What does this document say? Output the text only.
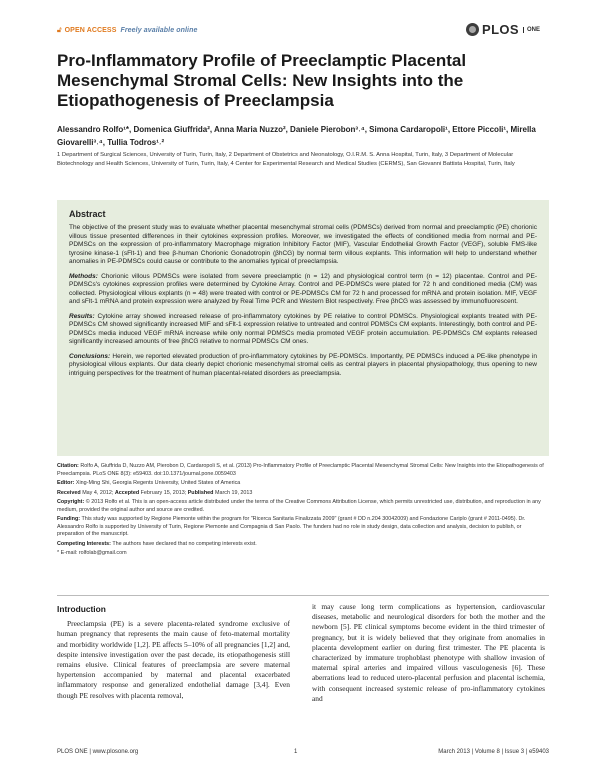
🔓︎ OPEN ACCESS Freely available online	PLOS	ONE
Pro-Inflammatory Profile of Preeclamptic Placental Mesenchymal Stromal Cells: New Insights into the Etiopathogenesis of Preeclampsia
Alessandro Rolfo¹*, Domenica Giuffrida², Anna Maria Nuzzo², Daniele Pierobon³˒⁴, Simona Cardaropoli¹, Ettore Piccoli¹, Mirella Giovarelli³˒⁴, Tullia Todros¹˒²
1 Department of Surgical Sciences, University of Turin, Turin, Italy, 2 Department of Obstetrics and Neonatology, O.I.R.M. S. Anna Hospital, Turin, Italy, 3 Department of Molecular Biotechnology and Health Sciences, University of Turin, Turin, Italy, 4 Center for Experimental Research and Medical Studies (CERMS), San Giovanni Battista Hospital, Turin, Italy
Abstract

The objective of the present study was to evaluate whether placental mesenchymal stromal cells (PDMSCs) derived from normal and preeclamptic (PE) chorionic villous tissue presented differences in their cytokines expression profiles. Moreover, we investigated the effects of conditioned media from normal and PE-PDMSCs on the expression of pro-inflammatory Macrophage migration Inhibitory Factor (MIF), Vascular Endothelial Growth Factor (VEGF), soluble FMS-like tyrosine kinase-1 (sFlt-1) and free β-human Chorionic Gonadotropin (βhCG) by normal term villous explants. This information will help to understand whether anomalies in PE-PDMSCs could cause or contribute to the anomalies typical of preeclampsia.

Methods: Chorionic villous PDMSCs were isolated from severe preeclamptic (n = 12) and physiological control term (n = 12) placentae. Control and PE-PDMSCs's cytokines expression profiles were determined by Cytokine Array. Control and PE-PDMSCs were plated for 72 h and conditioned media (CM) was collected. Physiological villous explants (n = 48) were treated with control or PE-PDMSCs CM for 72 h and processed for mRNA and protein isolation. MIF, VEGF and sFlt-1 mRNA and protein expression were analyzed by Real Time PCR and Western Blot respectively. Free βhCG was assessed by immunofluorescent.

Results: Cytokine array showed increased release of pro-inflammatory cytokines by PE relative to control PDMSCs. Physiological explants treated with PE-PDMSCs CM showed significantly increased MIF and sFlt-1 expression relative to untreated and control PDMSCs CM explants. Interestingly, both control and PE-PDMSCs media induced VEGF mRNA increase while only normal PDMSCs media promoted VEGF protein accumulation. PE-PDMSCs CM explants released significantly increased amounts of free βhCG relative to normal PDMSCs CM ones.

Conclusions: Herein, we reported elevated production of pro-inflammatory cytokines by PE-PDMSCs. Importantly, PE PDMSCs induced a PE-like phenotype in physiological villous explants. Our data clearly depict chorionic mesenchymal stromal cells as central players in placental physiopathology, thus opening to new intriguing perspectives for the treatment of human placental-related disorders as preeclampsia.

Citation: Rolfo A, Giuffrida D, Nuzzo AM, Pierobon D, Cardaropoli S, et al. (2013) Pro-Inflammatory Profile of Preeclamptic Placental Mesenchymal Stromal Cells: New Insights into the Etiopathogenesis of Preeclampsia. PLoS ONE 8(3): e59403. doi:10.1371/journal.pone.0059403
Editor: Xing-Ming Shi, Georgia Regents University, United States of America
Received May 4, 2012; Accepted February 15, 2013; Published March 19, 2013
Copyright: © 2013 Rolfo et al. This is an open-access article distributed under the terms of the Creative Commons Attribution License, which permits unrestricted use, distribution, and reproduction in any medium, provided the original author and source are credited.
Funding: This study was supported by Regione Piemonte within the program for "Ricerca Sanitaria Finalizzata 2009" (grant # DD n.204 30042009) and Fondazione Cariplo (grant # 2011-0495). Dr. Alessandro Rolfo is supported by University of Turin, Regione Piemonte and Compagnia di San Paolo. The funders had no role in study design, data collection and analysis, decision to publish, or preparation of the manuscript.
Competing Interests: The authors have declared that no competing interests exist.
* E-mail: rolfolab@gmail.com
Introduction

Preeclampsia (PE) is a severe placenta-related syndrome exclusive of human pregnancy that represents the main cause of feto-maternal mortality and morbidity worldwide [1,2]. PE affects 5–10% of all pregnancies [1,2] and, despite intensive investigation over the past decade, its etiopathogenesis still remains elusive. Clinical features of preeclampsia are severe maternal hypertension accompanied by maternal and placental exacerbated inflammatory response and generalized endothelial damage [3,4]. Even though PE resolves with placenta removal,

it may cause long term complications as hypertension, cardiovascular diseases, metabolic and neurological disorders for both the mother and the newborn [5]. PE clinical symptoms become evident in the third trimester of pregnancy, but it is widely believed that they originate from anomalies in placenta development earlier on during first trimester. The PE placenta is characterized by immature trophoblast phenotype with shallow invasion of maternal spiral arteries and impaired villous vasculogenesis [6]. These aberrations lead to reduced utero-placental perfusion and placental ischemia, with consequent increased systemic release of pro-inflammatory cytokines and

PLOS ONE | www.plosone.org	1	March 2013 | Volume 8 | Issue 3 | e59403
